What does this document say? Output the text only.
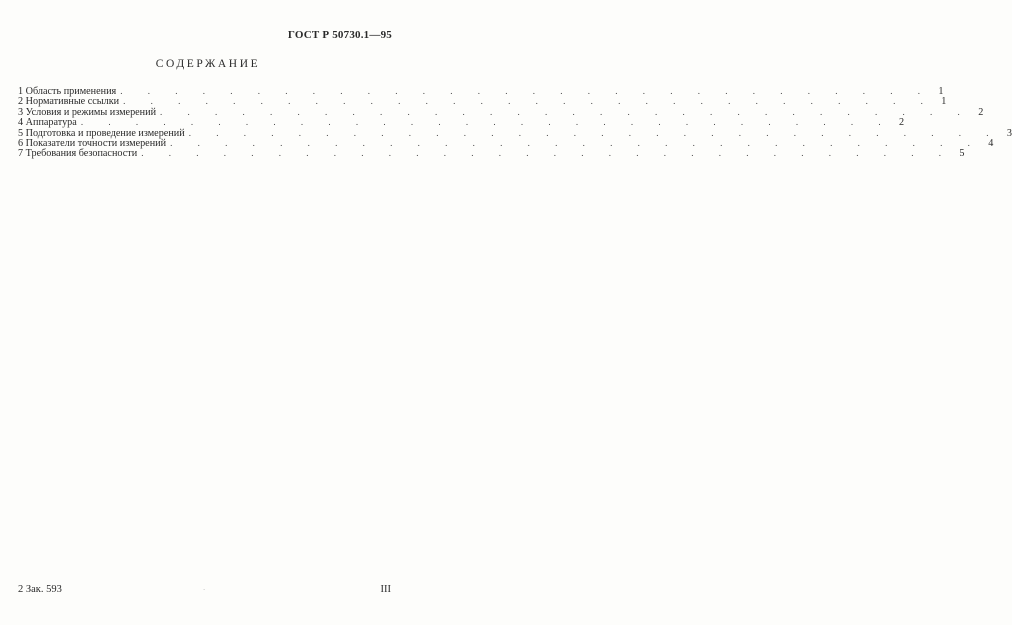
ГОСТ Р 50730.1—95
СОДЕРЖАНИЕ
1 Область применения . . . . . . . . . . . . . . . . . . . . . . . . . . . . . . 1
2 Нормативные ссылки . . . . . . . . . . . . . . . . . . . . . . . . . . . . . . 1
3 Условия и режимы измерений . . . . . . . . . . . . . . . . . . . . . . . . . . . . . . 2
4 Аппаратура . . . . . . . . . . . . . . . . . . . . . . . . . . . . . . 2
5 Подготовка и проведение измерений . . . . . . . . . . . . . . . . . . . . . . . . . . . . . . 3
6 Показатели точности измерений . . . . . . . . . . . . . . . . . . . . . . . . . . . . . . 4
7 Требования безопасности . . . . . . . . . . . . . . . . . . . . . . . . . . . . . . 5
2 Зак. 593	·	III
